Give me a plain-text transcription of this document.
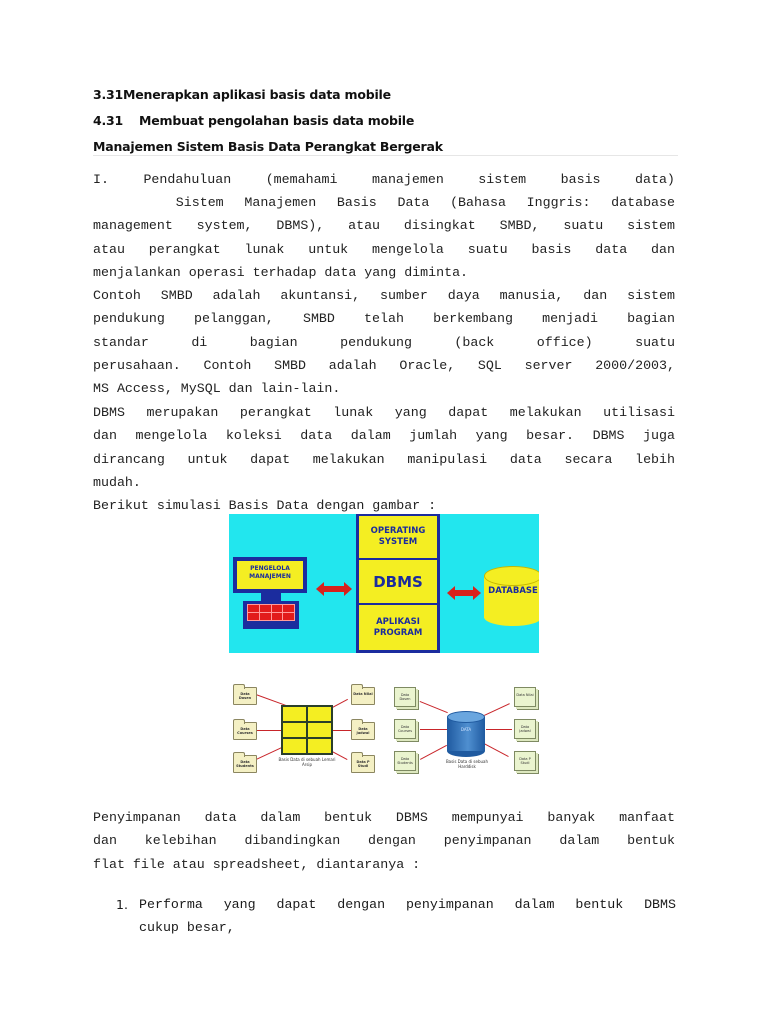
3.31Menerapkan aplikasi basis data mobile
4.31 Membuat pengolahan basis data mobile
Manajemen Sistem Basis Data Perangkat Bergerak
I.	Pendahuluan	(memahami	manajemen	sistem	basis	data)
Sistem Manajemen Basis Data (Bahasa Inggris: database
management system, DBMS), atau disingkat SMBD, suatu sistem
atau perangkat lunak untuk mengelola suatu basis data dan
menjalankan operasi terhadap data yang diminta.
Contoh SMBD adalah akuntansi, sumber daya manusia, dan sistem
pendukung pelanggan, SMBD telah berkembang menjadi bagian
standar di bagian pendukung (back office) suatu
perusahaan. Contoh SMBD adalah Oracle, SQL server 2000/2003,
MS Access, MySQL dan lain-lain.
DBMS merupakan perangkat lunak yang dapat melakukan utilisasi
dan mengelola koleksi data dalam jumlah yang besar. DBMS juga
dirancang untuk dapat melakukan manipulasi data secara lebih
mudah.
Berikut simulasi Basis Data dengan gambar :
PENGELOLA MANAJEMEN
OPERATING SYSTEM
DBMS
APLIKASI PROGRAM
DATABASE
Data Dosen
Data Courses
Data Students
Data Nilai
Data Jadwal
Data P Studi
Basis Data di sebuah Lemari Arsip
Data Dosen
Data Courses
Data Students
DATA
Data Nilai
Data Jadwal
Data P Studi
Basis Data di sebuah Harddisk
Penyimpanan data dalam bentuk DBMS mempunyai banyak manfaat
dan kelebihan dibandingkan dengan penyimpanan dalam bentuk
flat file atau spreadsheet, diantaranya :
1. Performa yang dapat dengan penyimpanan dalam bentuk DBMS
cukup besar,
